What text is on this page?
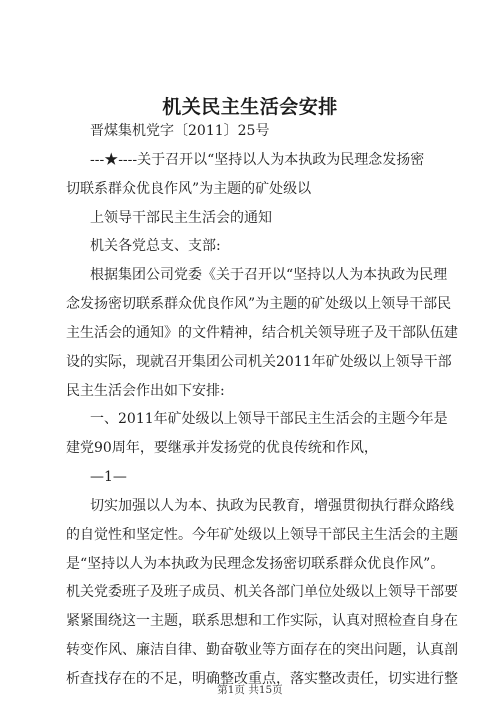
机关民主生活会安排
晋煤集机党字〔2011〕25号
---★----关于召开以“坚持以人为本执政为民理念发扬密
切联系群众优良作风”为主题的矿处级以
上领导干部民主生活会的通知
机关各党总支、支部:
根据集团公司党委《关于召开以“坚持以人为本执政为民理
念发扬密切联系群众优良作风”为主题的矿处级以上领导干部民
主生活会的通知》的文件精神，结合机关领导班子及干部队伍建
设的实际，现就召开集团公司机关2011年矿处级以上领导干部
民主生活会作出如下安排:
一、2011年矿处级以上领导干部民主生活会的主题今年是
建党90周年，要继承并发扬党的优良传统和作风，
—1—
切实加强以人为本、执政为民教育，增强贯彻执行群众路线
的自觉性和坚定性。今年矿处级以上领导干部民主生活会的主题
是“坚持以人为本执政为民理念发扬密切联系群众优良作风”。
机关党委班子及班子成员、机关各部门单位处级以上领导干部要
紧紧围绕这一主题，联系思想和工作实际，认真对照检查自身在
转变作风、廉洁自律、勤奋敬业等方面存在的突出问题，认真剖
析查找存在的不足，明确整改重点，落实整改责任，切实进行整
第1页 共15页
